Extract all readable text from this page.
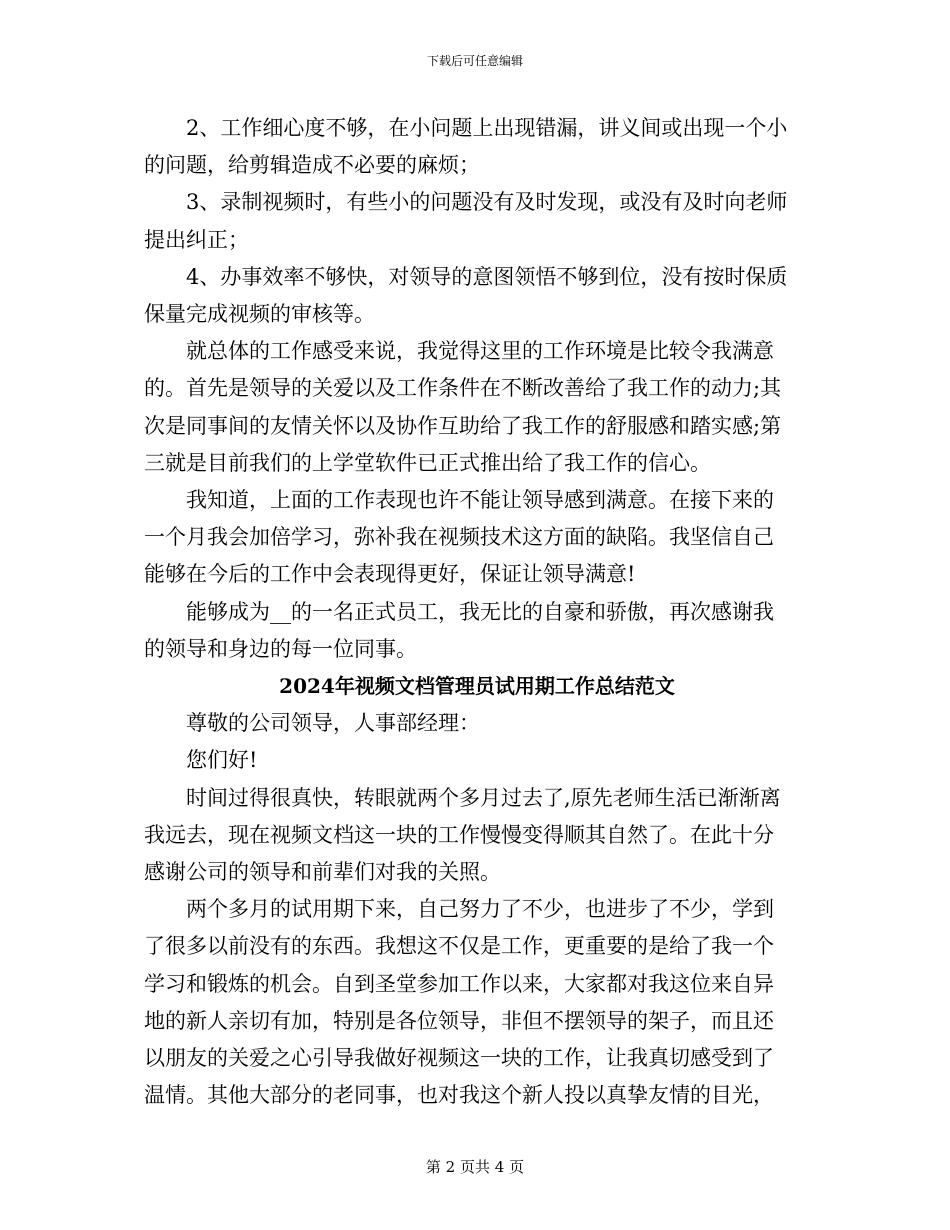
下载后可任意编辑

2、工作细心度不够，在小问题上出现错漏，讲义间或出现一个小
的问题，给剪辑造成不必要的麻烦；

3、录制视频时，有些小的问题没有及时发现，或没有及时向老师
提出纠正；

4、办事效率不够快，对领导的意图领悟不够到位，没有按时保质
保量完成视频的审核等。

就总体的工作感受来说，我觉得这里的工作环境是比较令我满意
的。首先是领导的关爱以及工作条件在不断改善给了我工作的动力;其
次是同事间的友情关怀以及协作互助给了我工作的舒服感和踏实感;第
三就是目前我们的上学堂软件已正式推出给了我工作的信心。

我知道，上面的工作表现也许不能让领导感到满意。在接下来的
一个月我会加倍学习，弥补我在视频技术这方面的缺陷。我坚信自己
能够在今后的工作中会表现得更好，保证让领导满意!

能够成为__的一名正式员工，我无比的自豪和骄傲，再次感谢我
的领导和身边的每一位同事。

2024年视频文档管理员试用期工作总结范文

尊敬的公司领导，人事部经理：

您们好!

时间过得很真快，转眼就两个多月过去了,原先老师生活已渐渐离
我远去，现在视频文档这一块的工作慢慢变得顺其自然了。在此十分
感谢公司的领导和前辈们对我的关照。

两个多月的试用期下来，自己努力了不少，也进步了不少，学到
了很多以前没有的东西。我想这不仅是工作，更重要的是给了我一个
学习和锻炼的机会。自到圣堂参加工作以来，大家都对我这位来自异
地的新人亲切有加，特别是各位领导，非但不摆领导的架子，而且还
以朋友的关爱之心引导我做好视频这一块的工作，让我真切感受到了
温情。其他大部分的老同事，也对我这个新人投以真挚友情的目光，

第 2 页共 4 页
